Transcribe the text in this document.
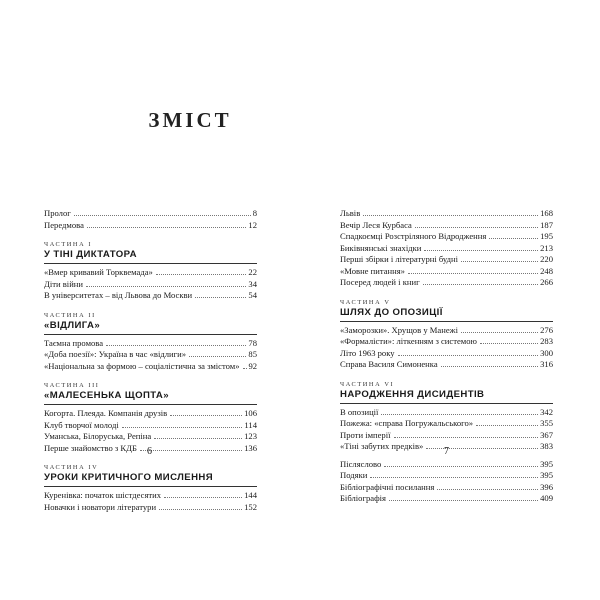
ЗМІСТ
Пролог	8
Передмова	12
ЧАСТИНА I
У ТІНІ ДИКТАТОРА
«Вмер кривавий Торквемада»	22
Діти війни	34
В університетах – від Львова до Москви	54
ЧАСТИНА II
«ВІДЛИГА»
Таємна промова	78
«Доба поезії»: Україна в час «відлиги»	85
«Національна за формою – соціалістична за змістом» 92
ЧАСТИНА III
«МАЛЕСЕНЬКА ЩОПТА»
Когорта. Плеяда. Компанія друзів	106
Клуб творчої молоді	114
Уманська, Білоруська, Репіна	123
Перше знайомство з КДБ	136
ЧАСТИНА IV
УРОКИ КРИТИЧНОГО МИСЛЕННЯ
Куренівка: початок шістдесятих	144
Новачки і новатори літератури	152
Львів	168
Вечір Леся Курбаса	187
Спадкоємці Розстріляного Відродження	195
Биківнянські знахідки	213
Перші збірки і літературні будні	220
«Мовне питання»	248
Посеред людей і книг	266
ЧАСТИНА V
ШЛЯХ ДО ОПОЗИЦІЇ
«Заморозки». Хрущов у Манежі	276
«Формалісти»: літкенням з системою	283
Літо 1963 року	300
Справа Василя Симоненка	316
ЧАСТИНА VI
НАРОДЖЕННЯ ДИСИДЕНТІВ
В опозиції	342
Пожежа: «справа Погружальського»	355
Проти імперії	367
«Тіні забутих предків»	383
Післяслово	395
Подяки	395
Бібліографічні посилання	396
Бібліографія	409
6	7
